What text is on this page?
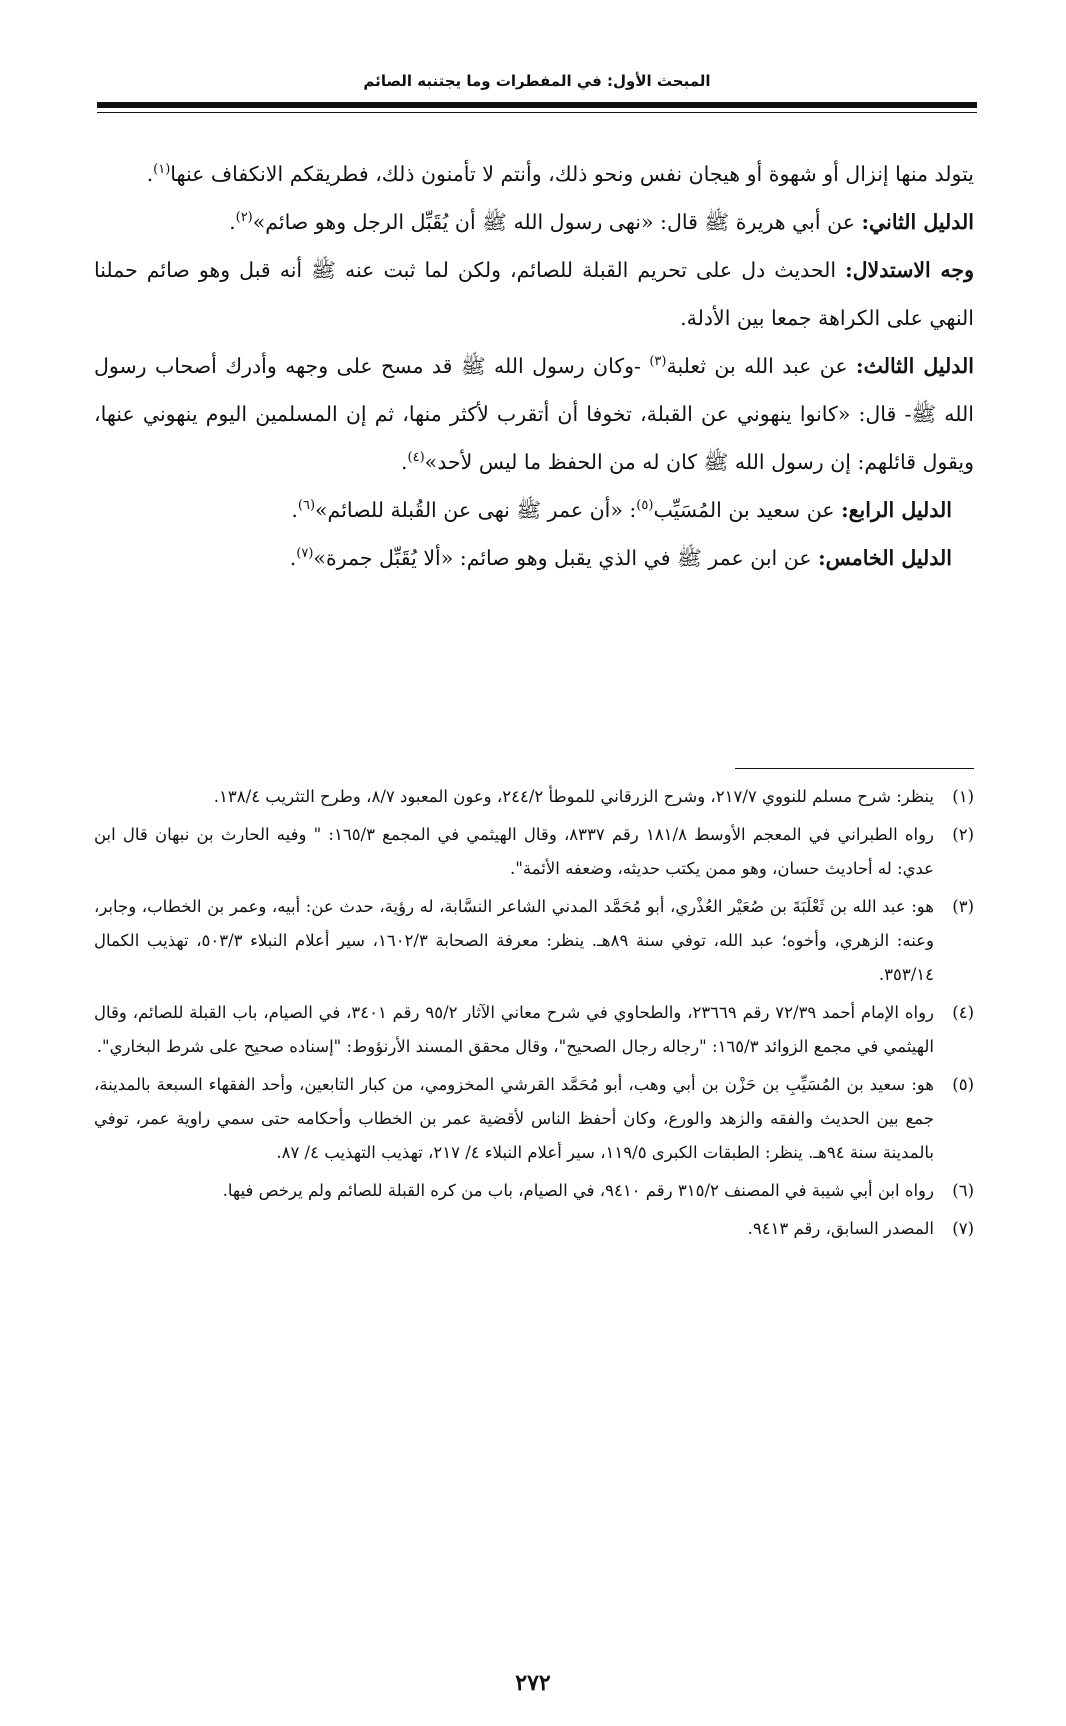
المبحث الأول: في المفطرات وما يجتنبه الصائم

يتولد منها إنزال أو شهوة أو هيجان نفس ونحو ذلك، وأنتم لا تأمنون ذلك، فطريقكم الانكفاف عنها$^{(١)}$.

الدليل الثاني: عن أبي هريرة ﷺ قال: «نهى رسول الله ﷺ أن يُقَبِّل الرجل وهو صائم»$^{(٢)}$.

وجه الاستدلال: الحديث دل على تحريم القبلة للصائم، ولكن لما ثبت عنه ﷺ أنه قبل وهو صائم حملنا النهي على الكراهة جمعا بين الأدلة.

الدليل الثالث: عن عبد الله بن ثعلبة$^{(٣)}$ -وكان رسول الله ﷺ قد مسح على وجهه وأدرك أصحاب رسول الله ﷺ- قال: «كانوا ينهوني عن القبلة، تخوفا أن أتقرب لأكثر منها، ثم إن المسلمين اليوم ينهوني عنها، ويقول قائلهم: إن رسول الله ﷺ كان له من الحفظ ما ليس لأحد»$^{(٤)}$.

الدليل الرابع: عن سعيد بن المُسَيِّب$^{(٥)}$: «أن عمر ﷺ نهى عن القُبلة للصائم»$^{(٦)}$.

الدليل الخامس: عن ابن عمر ﷺ في الذي يقبل وهو صائم: «ألا يُقَبِّل جمرة»$^{(٧)}$.

(١)
ينظر: شرح مسلم للنووي ٢١٧/٧، وشرح الزرقاني للموطأ ٢٤٤/٢، وعون المعبود ٨/٧، وطرح التثريب ١٣٨/٤.
(٢)
رواه الطبراني في المعجم الأوسط ١٨١/٨ رقم ٨٣٣٧، وقال الهيثمي في المجمع ١٦٥/٣: " وفيه الحارث بن نبهان قال ابن عدي: له أحاديث حسان، وهو ممن يكتب حديثه، وضعفه الأئمة".
(٣)
هو: عبد الله بن ثَعْلَبَةَ بن صُعَيْر العُذْري، أبو مُحَمَّد المدني الشاعر النسَّابة، له رؤية، حدث عن: أبيه، وعمر بن الخطاب، وجابر، وعنه: الزهري، وأخوه؛ عبد الله، توفي سنة ٨٩هـ. ينظر: معرفة الصحابة ١٦٠٢/٣، سير أعلام النبلاء ٥٠٣/٣، تهذيب الكمال ٣٥٣/١٤.
(٤)
رواه الإمام أحمد ٧٢/٣٩ رقم ٢٣٦٦٩، والطحاوي في شرح معاني الآثار ٩٥/٢ رقم ٣٤٠١، في الصيام، باب القبلة للصائم، وقال الهيثمي في مجمع الزوائد ١٦٥/٣: "رجاله رجال الصحيح"، وقال محقق المسند الأرنؤوط: "إسناده صحيح على شرط البخاري".
(٥)
هو: سعيد بن المُسَيِّبِ بن حَزْن بن أبي وهب، أبو مُحَمَّد القرشي المخزومي، من كبار التابعين، وأحد الفقهاء السبعة بالمدينة، جمع بين الحديث والفقه والزهد والورع، وكان أحفظ الناس لأقضية عمر بن الخطاب وأحكامه حتى سمي راوية عمر، توفي بالمدينة سنة ٩٤هـ. ينظر: الطبقات الكبرى ١١٩/٥، سير أعلام النبلاء ٤/ ٢١٧، تهذيب التهذيب ٤/ ٨٧.
(٦)
رواه ابن أبي شيبة في المصنف ٣١٥/٢ رقم ٩٤١٠، في الصيام، باب من كره القبلة للصائم ولم يرخص فيها.
(٧)
المصدر السابق، رقم ٩٤١٣.
٢٧٢
